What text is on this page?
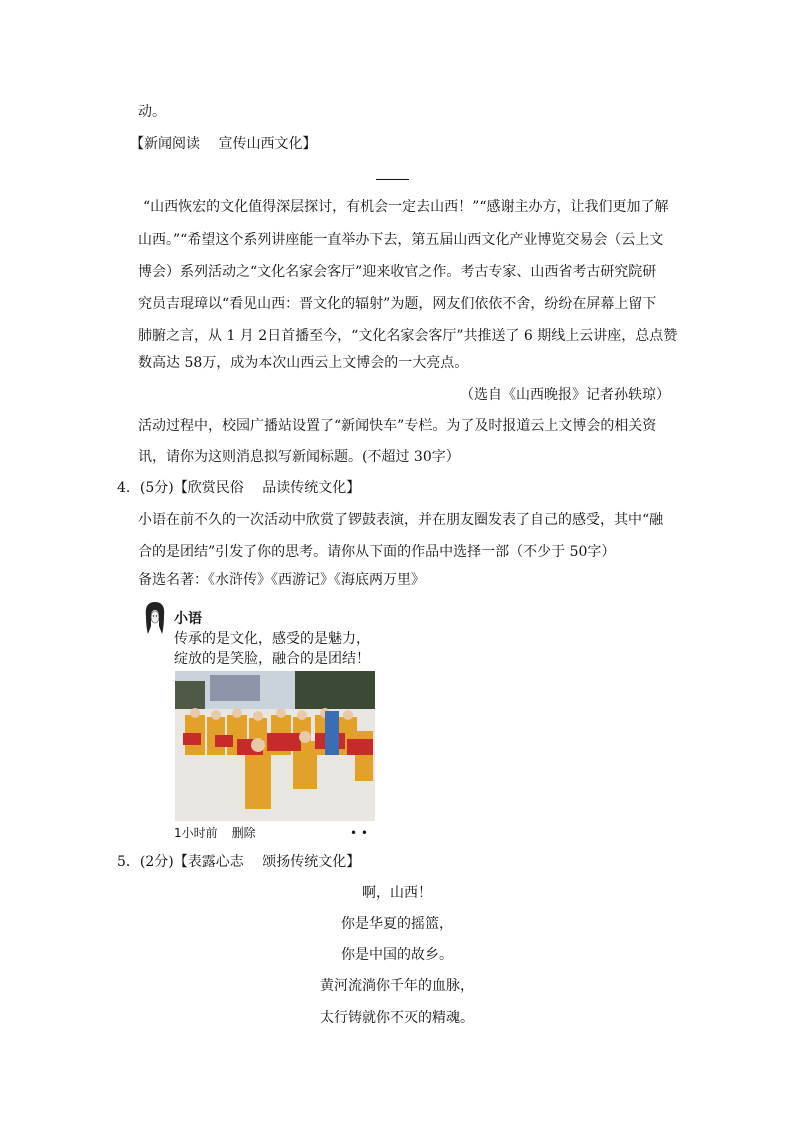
动。
【新闻阅读　 宣传山西文化】
“山西恢宏的文化值得深层探讨，有机会一定去山西！”“感谢主办方，让我们更加了解
山西。”“希望这个系列讲座能一直举办下去，第五届山西文化产业博览交易会（云上文
博会）系列活动之“文化名家会客厅”迎来收官之作。考古专家、山西省考古研究院研
究员吉琨璋以“看见山西：晋文化的辐射”为题，网友们依依不舍，纷纷在屏幕上留下
肺腑之言，从 1 月 2日首播至今，“文化名家会客厅”共推送了 6 期线上云讲座，总点赞
数高达 58万，成为本次山西云上文博会的一大亮点。
（选自《山西晚报》记者孙轶琼）
活动过程中，校园广播站设置了“新闻快车”专栏。为了及时报道云上文博会的相关资
讯，请你为这则消息拟写新闻标题。(不超过 30字）
4．(5分)【欣赏民俗　 品读传统文化】
小语在前不久的一次活动中欣赏了锣鼓表演，并在朋友圈发表了自己的感受，其中“融
合的是团结”引发了你的思考。请你从下面的作品中选择一部（不少于 50字）
备选名著：《水浒传》《西游记》《海底两万里》
小语
传承的是文化，感受的是魅力，
绽放的是笑脸，融合的是团结！
1小时前 删除	• •
5．(2分)【表露心志　 颂扬传统文化】
啊，山西！
你是华夏的摇篮，
你是中国的故乡。
黄河流淌你千年的血脉，
太行铸就你不灭的精魂。
